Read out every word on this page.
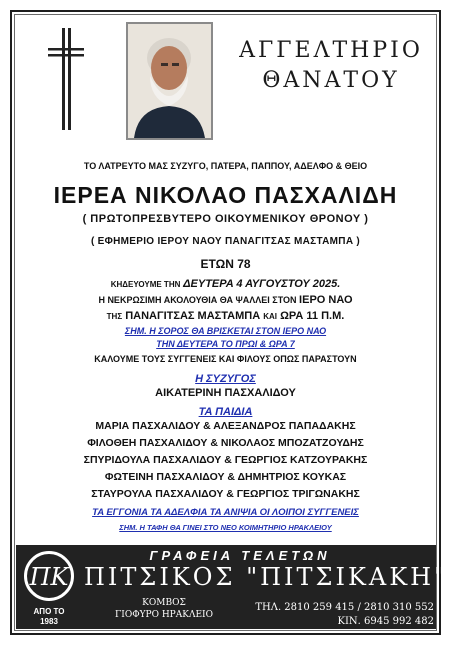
ΑΓΓΕΛΤΗΡΙΟ
ΘΑΝΑΤΟΥ
ΤΟ ΛΑΤΡΕΥΤΟ ΜΑΣ ΣΥΖΥΓΟ, ΠΑΤΕΡΑ, ΠΑΠΠΟΥ, ΑΔΕΛΦΟ & ΘΕΙΟ
ΙΕΡΕΑ ΝΙΚΟΛΑΟ ΠΑΣΧΑΛΙΔΗ
( ΠΡΩΤΟΠΡΕΣΒΥΤΕΡΟ ΟΙΚΟΥΜΕΝΙΚΟΥ ΘΡΟΝΟΥ )
( ΕΦΗΜΕΡΙΟ ΙΕΡΟΥ ΝΑΟΥ ΠΑΝΑΓΙΤΣΑΣ ΜΑΣΤΑΜΠΑ )
ΕΤΩΝ 78
ΚΗΔΕΥΟΥΜΕ ΤΗΝ ΔΕΥΤΕΡΑ 4 ΑΥΓΟΥΣΤΟΥ 2025.
Η ΝΕΚΡΩΣΙΜΗ ΑΚΟΛΟΥΘΙΑ ΘΑ ΨΑΛΛΕΙ ΣΤΟΝ ΙΕΡΟ ΝΑΟ
ΤΗΣ ΠΑΝΑΓΙΤΣΑΣ ΜΑΣΤΑΜΠΑ ΚΑΙ ΩΡΑ 11 Π.Μ.
ΣΗΜ. Η ΣΟΡΟΣ ΘΑ ΒΡΙΣΚΕΤΑΙ ΣΤΟΝ ΙΕΡΟ ΝΑΟ
ΤΗΝ ΔΕΥΤΕΡΑ ΤΟ ΠΡΩΙ & ΩΡΑ 7
ΚΑΛΟΥΜΕ ΤΟΥΣ ΣΥΓΓΕΝΕΙΣ ΚΑΙ ΦΙΛΟΥΣ ΟΠΩΣ ΠΑΡΑΣΤΟΥΝ
Η ΣΥΖΥΓΟΣ
ΑΙΚΑΤΕΡΙΝΗ ΠΑΣΧΑΛΙΔΟΥ
ΤΑ ΠΑΙΔΙΑ
ΜΑΡΙΑ ΠΑΣΧΑΛΙΔΟΥ & ΑΛΕΞΑΝΔΡΟΣ ΠΑΠΑΔΑΚΗΣ
ΦΙΛΟΘΕΗ ΠΑΣΧΑΛΙΔΟΥ & ΝΙΚΟΛΑΟΣ ΜΠΟΖΑΤΖΟΥΔΗΣ
ΣΠΥΡΙΔΟΥΛΑ ΠΑΣΧΑΛΙΔΟΥ & ΓΕΩΡΓΙΟΣ ΚΑΤΖΟΥΡΑΚΗΣ
ΦΩΤΕΙΝΗ ΠΑΣΧΑΛΙΔΟΥ & ΔΗΜΗΤΡΙΟΣ ΚΟΥΚΑΣ
ΣΤΑΥΡΟΥΛΑ ΠΑΣΧΑΛΙΔΟΥ & ΓΕΩΡΓΙΟΣ ΤΡΙΓΩΝΑΚΗΣ
ΤΑ ΕΓΓΟΝΙΑ ΤΑ ΑΔΕΛΦΙΑ ΤΑ ΑΝΙΨΙΑ ΟΙ ΛΟΙΠΟΙ ΣΥΓΓΕΝΕΙΣ
ΣΗΜ. Η ΤΑΦΗ ΘΑ ΓΙΝΕΙ ΣΤΟ ΝΕΟ ΚΟΙΜΗΤΗΡΙΟ ΗΡΑΚΛΕΙΟΥ
ΠΚ
ΑΠΟ ΤΟ
1983
ΓΡΑΦΕΙΑ ΤΕΛΕΤΩΝ
ΠΙΤΣΙΚΟΣ "ΠΙΤΣΙΚΑΚΗ"
ΚΟΜΒΟΣ
ΓΙΟΦΥΡΟ ΗΡΑΚΛΕΙΟ
ΤΗΛ. 2810 259 415 / 2810 310 552
ΚΙΝ. 6945 992 482
